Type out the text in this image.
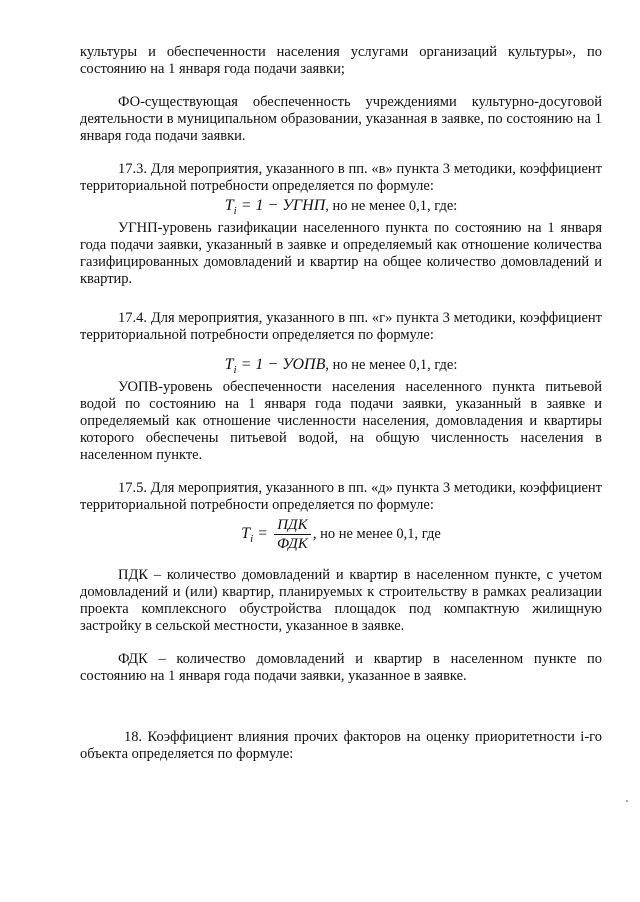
культуры и обеспеченности населения услугами организаций культуры», по состоянию на 1 января года подачи заявки;

ФО-существующая обеспеченность учреждениями культурно-досуговой деятельности в муниципальном образовании, указанная в заявке, по состоянию на 1 января года подачи заявки.

17.3. Для мероприятия, указанного в пп. «в» пункта 3 методики, коэффициент территориальной потребности определяется по формуле:

$T_i = 1$ − УГНП, но не менее 0,1, где:

УГНП-уровень газификации населенного пункта по состоянию на 1 января года подачи заявки, указанный в заявке и определяемый как отношение количества газифицированных домовладений и квартир на общее количество домовладений и квартир.

17.4. Для мероприятия, указанного в пп. «г» пункта 3 методики, коэффициент территориальной потребности определяется по формуле:

$T_i = 1$ − УОПВ, но не менее 0,1, где:

УОПВ-уровень обеспеченности населения населенного пункта питьевой водой по состоянию на 1 января года подачи заявки, указанный в заявке и определяемый как отношение численности населения, домовладения и квартиры которого обеспечены питьевой водой, на общую численность населения в населенном пункте.

17.5. Для мероприятия, указанного в пп. «д» пункта 3 методики, коэффициент территориальной потребности определяется по формуле:

$T_i = \frac{\text{ПДК}}{\text{ФДК}}$ , но не менее 0,1, где

ПДК – количество домовладений и квартир в населенном пункте, с учетом домовладений и (или) квартир, планируемых к строительству в рамках реализации проекта комплексного обустройства площадок под компактную жилищную застройку в сельской местности, указанное в заявке.

ФДК – количество домовладений и квартир в населенном пункте по состоянию на 1 января года подачи заявки, указанное в заявке.

18. Коэффициент влияния прочих факторов на оценку приоритетности i-го объекта определяется по формуле:
